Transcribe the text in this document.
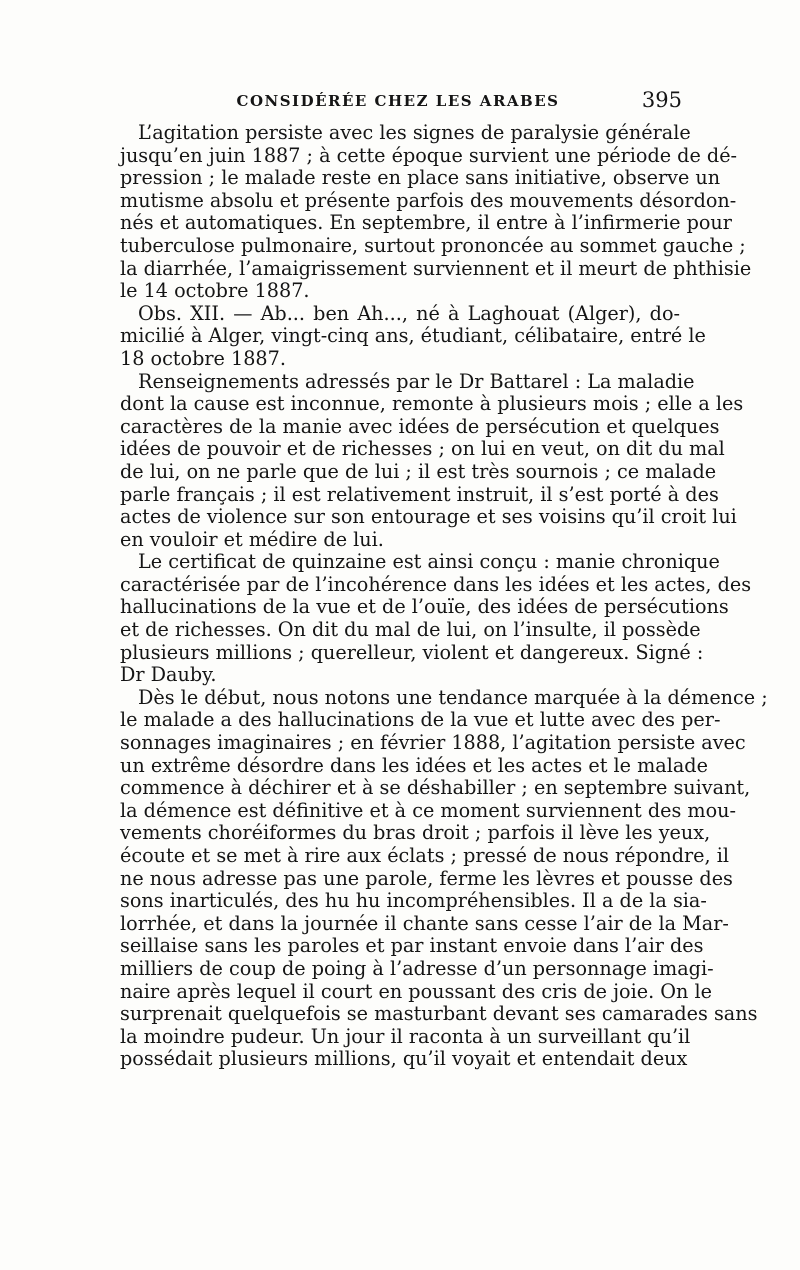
CONSIDÉRÉE CHEZ LES ARABES	395
L’agitation persiste avec les signes de paralysie générale
jusqu’en juin 1887 ; à cette époque survient une période de dé-
pression ; le malade reste en place sans initiative, observe un
mutisme absolu et présente parfois des mouvements désordon-
nés et automatiques. En septembre, il entre à l’infirmerie pour
tuberculose pulmonaire, surtout prononcée au sommet gauche ;
la diarrhée, l’amaigrissement surviennent et il meurt de phthisie
le 14 octobre 1887.
Obs. XII. — Ab... ben Ah..., né à Laghouat (Alger), do-
micilié à Alger, vingt-cinq ans, étudiant, célibataire, entré le
18 octobre 1887.
Renseignements adressés par le Dr Battarel : La maladie
dont la cause est inconnue, remonte à plusieurs mois ; elle a les
caractères de la manie avec idées de persécution et quelques
idées de pouvoir et de richesses ; on lui en veut, on dit du mal
de lui, on ne parle que de lui ; il est très sournois ; ce malade
parle français ; il est relativement instruit, il s’est porté à des
actes de violence sur son entourage et ses voisins qu’il croit lui
en vouloir et médire de lui.
Le certificat de quinzaine est ainsi conçu : manie chronique
caractérisée par de l’incohérence dans les idées et les actes, des
hallucinations de la vue et de l’ouïe, des idées de persécutions
et de richesses. On dit du mal de lui, on l’insulte, il possède
plusieurs millions ; querelleur, violent et dangereux. Signé :
Dr Dauby.
Dès le début, nous notons une tendance marquée à la démence ;
le malade a des hallucinations de la vue et lutte avec des per-
sonnages imaginaires ; en février 1888, l’agitation persiste avec
un extrême désordre dans les idées et les actes et le malade
commence à déchirer et à se déshabiller ; en septembre suivant,
la démence est définitive et à ce moment surviennent des mou-
vements choréiformes du bras droit ; parfois il lève les yeux,
écoute et se met à rire aux éclats ; pressé de nous répondre, il
ne nous adresse pas une parole, ferme les lèvres et pousse des
sons inarticulés, des hu hu incompréhensibles. Il a de la sia-
lorrhée, et dans la journée il chante sans cesse l’air de la Mar-
seillaise sans les paroles et par instant envoie dans l’air des
milliers de coup de poing à l’adresse d’un personnage imagi-
naire après lequel il court en poussant des cris de joie. On le
surprenait quelquefois se masturbant devant ses camarades sans
la moindre pudeur. Un jour il raconta à un surveillant qu’il
possédait plusieurs millions, qu’il voyait et entendait deux
